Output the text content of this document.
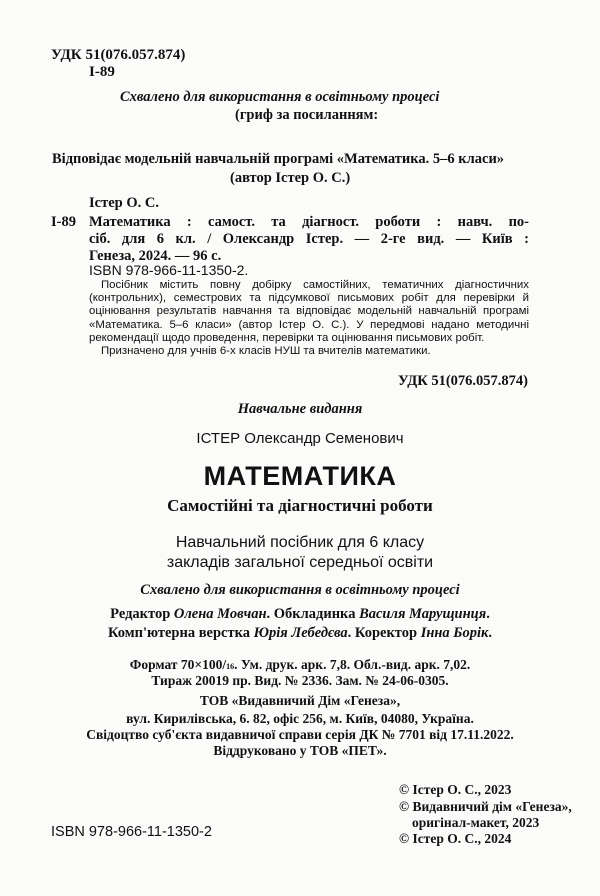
УДК 51(076.057.874)
І-89
Схвалено для використання в освітньому процесі
(гриф за посиланням:
Відповідає модельній навчальній програмі «Математика. 5–6 класи»
(автор Істер О. С.)
Істер О. С.
І-89 Математика : самост. та діагност. роботи : навч. по-
сіб. для 6 кл. / Олександр Істер. — 2-ге вид. — Київ :
Генеза, 2024. — 96 с.
ISBN 978-966-11-1350-2.

Посібник містить повну добірку самостійних, тематичних діагностичних (контрольних), семестрових та підсумкової письмових робіт для перевірки й оцінювання результатів навчання та відповідає модельній навчальній програмі «Математика. 5–6 класи» (автор Істер О. С.). У передмові надано методичні рекомендації щодо проведення, перевірки та оцінювання письмових робіт.

Призначено для учнів 6-х класів НУШ та вчителів математики.

УДК 51(076.057.874)
Навчальне видання
ІСТЕР Олександр Семенович
МАТЕМАТИКА
Самостійні та діагностичні роботи
Навчальний посібник для 6 класу
закладів загальної середньої освіти
Схвалено для використання в освітньому процесі
Редактор Олена Мовчан. Обкладинка Василя Марущинця.
Комп'ютерна верстка Юрія Лебедєва. Коректор Інна Борік.
Формат 70×100/16. Ум. друк. арк. 7,8. Обл.-вид. арк. 7,02.
Тираж 20019 пр. Вид. № 2336. Зам. № 24-06-0305.
ТОВ «Видавничий Дім «Генеза»,
вул. Кирилівська, 6. 82, офіс 256, м. Київ, 04080, Україна.
Свідоцтво суб'єкта видавничої справи серія ДК № 7701 від 17.11.2022.
Віддруковано у ТОВ «ПЕТ».
© Істер О. С., 2023
© Видавничий дім «Генеза»,
оригінал-макет, 2023
© Істер О. С., 2024
ISBN 978-966-11-1350-2
